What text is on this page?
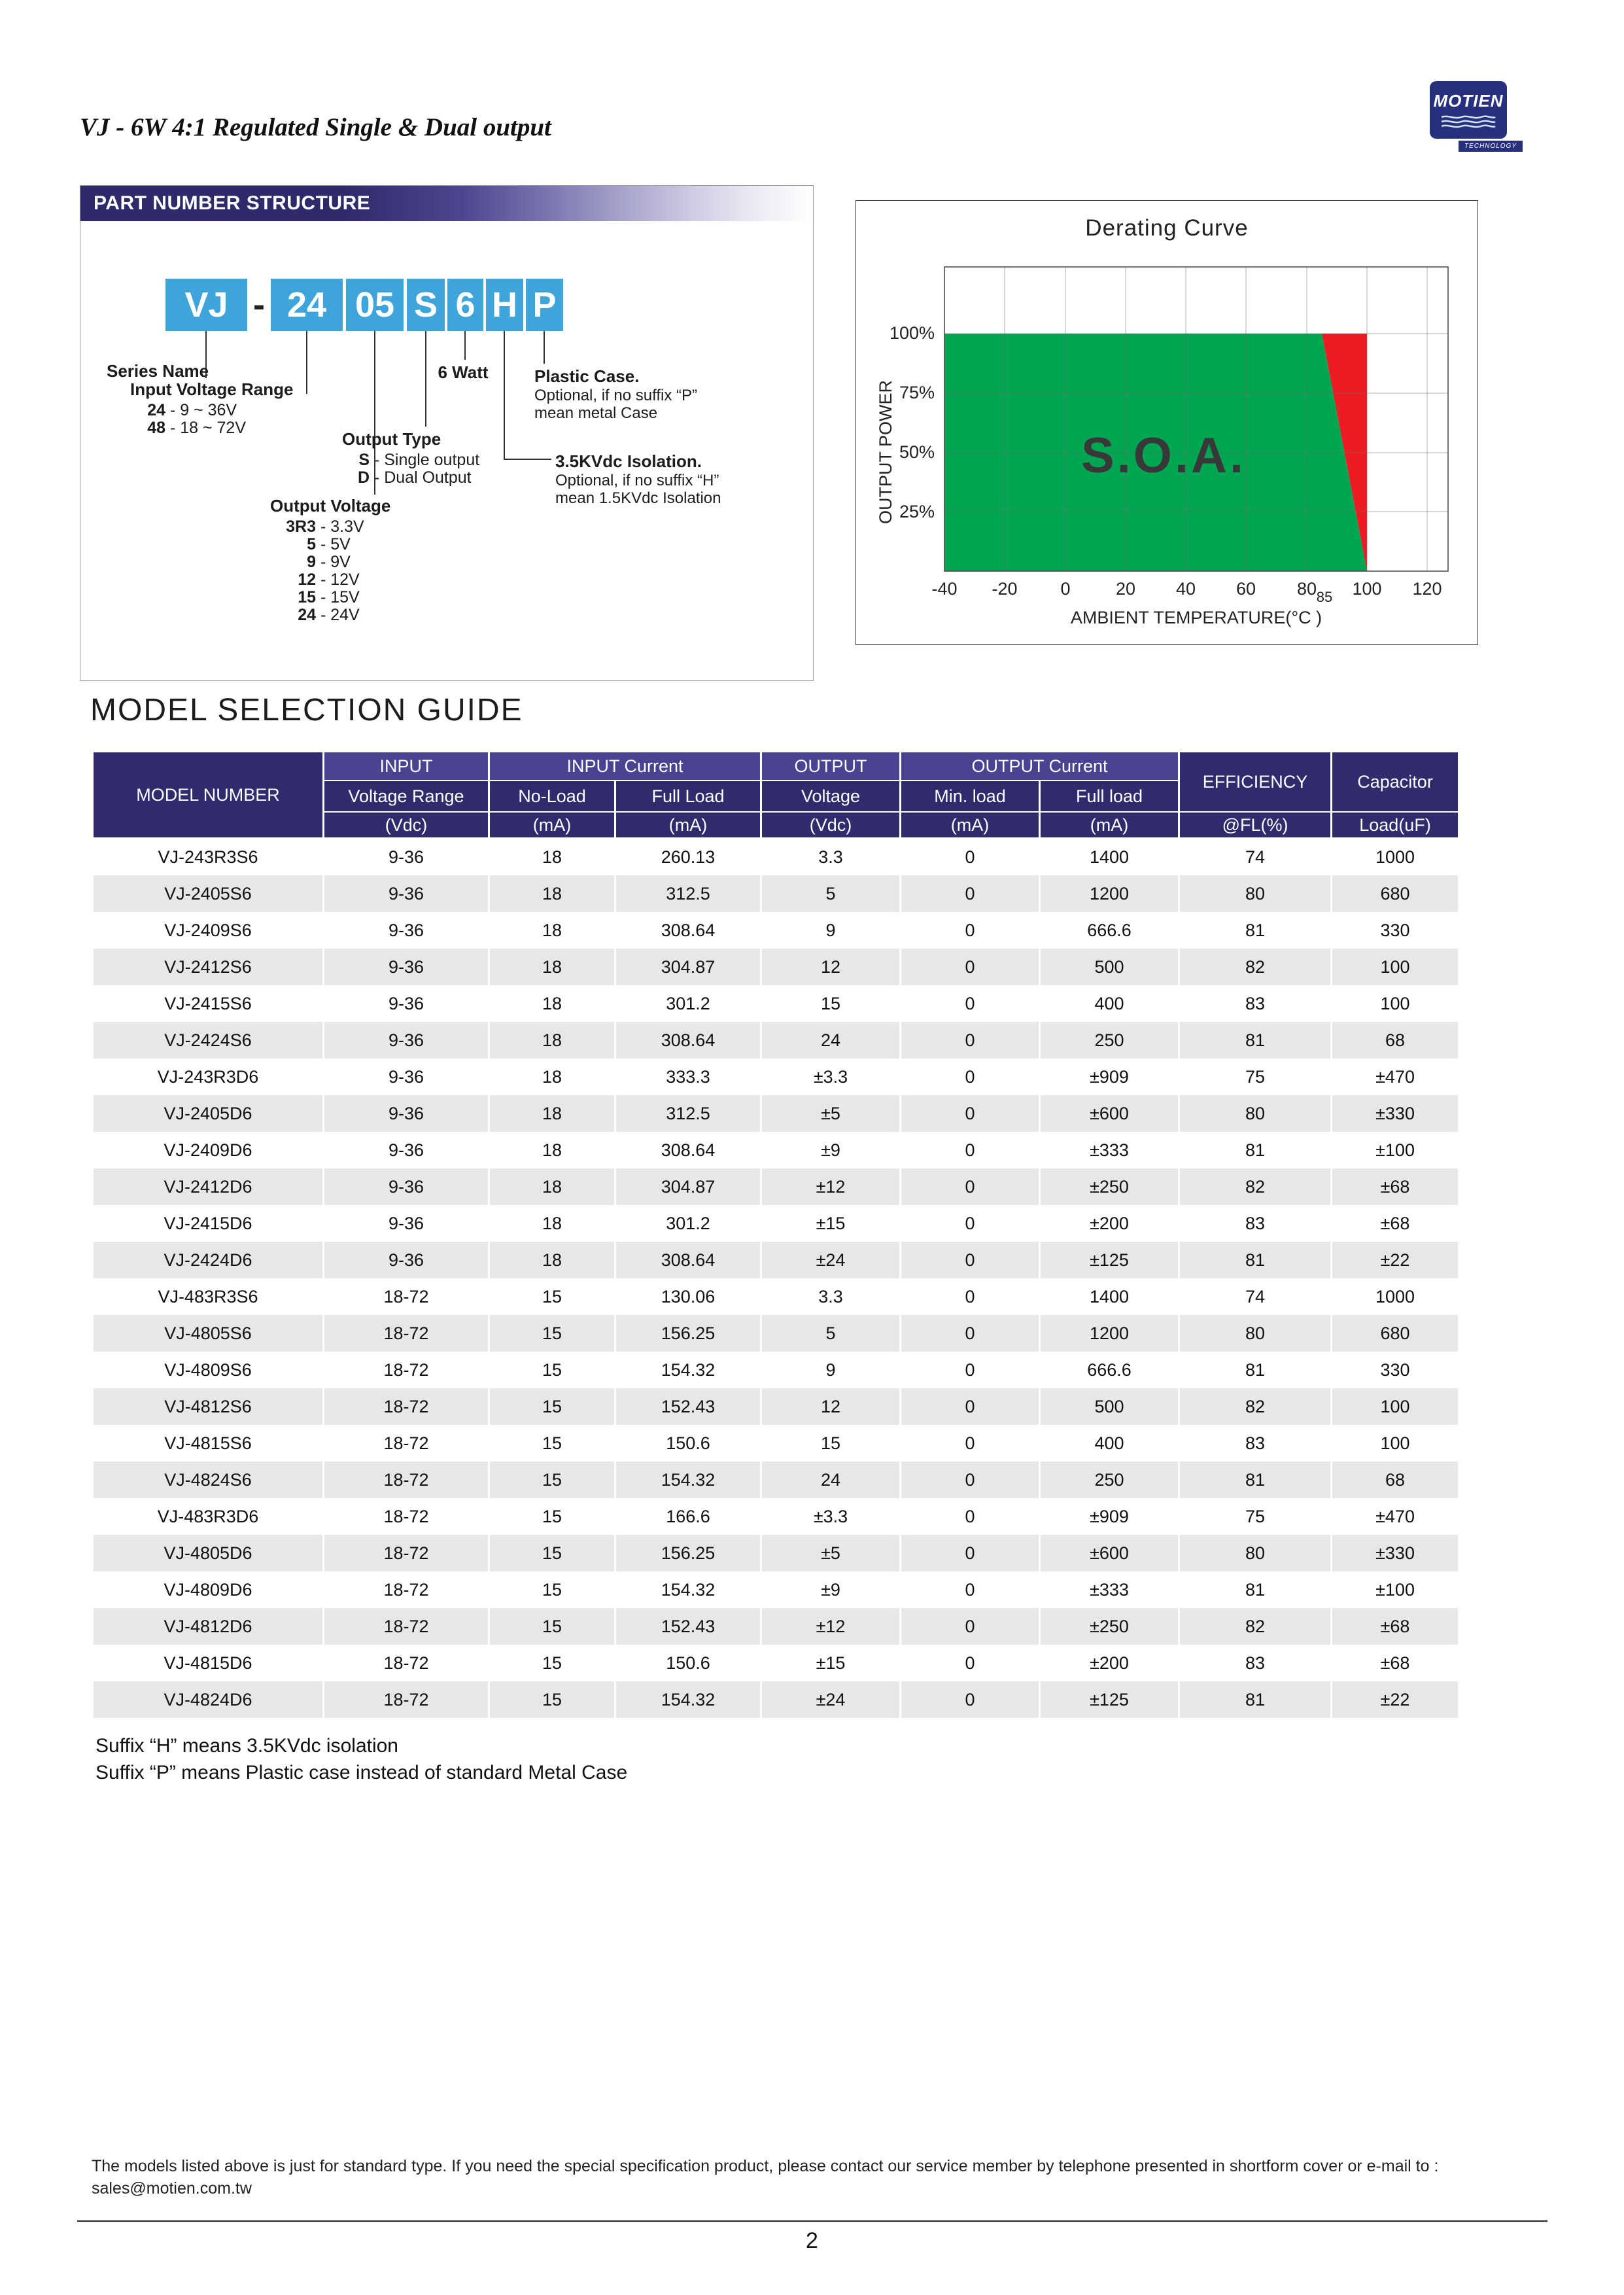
VJ - 6W 4:1 Regulated Single & Dual output
MOTIEN
TECHNOLOGY
PART NUMBER STRUCTURE
VJ - 24 05 S 6 H P
Series Name
Input Voltage Range
24 - 9 ~ 36V
48 - 18 ~ 72V
Output Type
S - Single output
D - Dual Output
Output Voltage
3R3 - 3.3V
5 - 5V
9 - 9V
12 - 12V
15 - 15V
24 - 24V
6 Watt	Plastic Case.
Optional, if no suffix “P”
mean metal Case
3.5KVdc Isolation.
Optional, if no suffix “H”
mean 1.5KVdc Isolation
Derating Curve
S.O.A.
100%
75%
50%
25%
OUTPUT POWER
-40 -20 0	20 40 60 80 85 100 120
AMBIENT TEMPERATURE(°C )
MODEL SELECTION GUIDE
MODEL NUMBER	INPUT	INPUT Current		OUTPUT	OUTPUT Current		EFFICIENCY	Capacitor
	Voltage Range	No-Load	Full Load	Voltage	Min. load	Full load		
	(Vdc)	(mA)	(mA)	(Vdc)	(mA)	(mA)	@FL(%)	Load(uF)
VJ-243R3S6	9-36	18	260.13	3.3	0	1400	74	1000
VJ-2405S6	9-36	18	312.5	5	0	1200	80	680
VJ-2409S6	9-36	18	308.64	9	0	666.6	81	330
VJ-2412S6	9-36	18	304.87	12	0	500	82	100
VJ-2415S6	9-36	18	301.2	15	0	400	83	100
VJ-2424S6	9-36	18	308.64	24	0	250	81	68
VJ-243R3D6	9-36	18	333.3	±3.3	0	±909	75	±470
VJ-2405D6	9-36	18	312.5	±5	0	±600	80	±330
VJ-2409D6	9-36	18	308.64	±9	0	±333	81	±100
VJ-2412D6	9-36	18	304.87	±12	0	±250	82	±68
VJ-2415D6	9-36	18	301.2	±15	0	±200	83	±68
VJ-2424D6	9-36	18	308.64	±24	0	±125	81	±22
VJ-483R3S6	18-72	15	130.06	3.3	0	1400	74	1000
VJ-4805S6	18-72	15	156.25	5	0	1200	80	680
VJ-4809S6	18-72	15	154.32	9	0	666.6	81	330
VJ-4812S6	18-72	15	152.43	12	0	500	82	100
VJ-4815S6	18-72	15	150.6	15	0	400	83	100
VJ-4824S6	18-72	15	154.32	24	0	250	81	68
VJ-483R3D6	18-72	15	166.6	±3.3	0	±909	75	±470
VJ-4805D6	18-72	15	156.25	±5	0	±600	80	±330
VJ-4809D6	18-72	15	154.32	±9	0	±333	81	±100
VJ-4812D6	18-72	15	152.43	±12	0	±250	82	±68
VJ-4815D6	18-72	15	150.6	±15	0	±200	83	±68
VJ-4824D6	18-72	15	154.32	±24	0	±125	81	±22
Suffix “H” means 3.5KVdc isolation
Suffix “P” means Plastic case instead of standard Metal Case
The models listed above is just for standard type. If you need the special specification product, please contact our service member by telephone presented in shortform cover or e-mail to : sales@motien.com.tw
2
